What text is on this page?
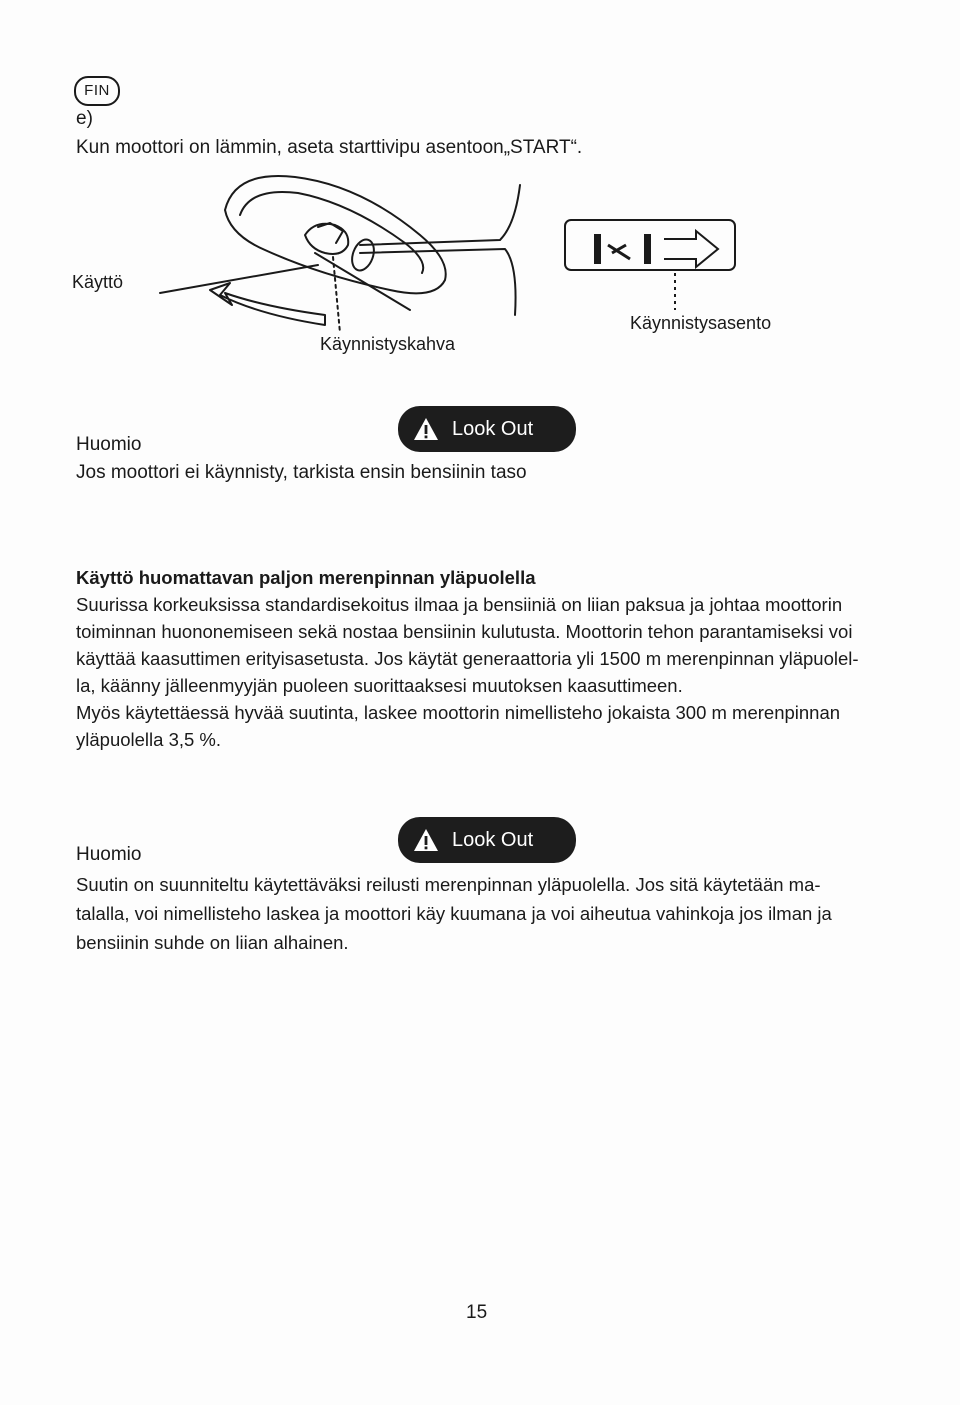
FIN
e)
Kun moottori on lämmin, aseta starttivipu asentoon„START“.
Käyttö
Käynnistyskahva
Käynnistysasento
Look Out
Huomio
Jos moottori ei käynnisty, tarkista ensin bensiinin taso
Käyttö huomattavan paljon merenpinnan yläpuolella

Suurissa korkeuksissa standardisekoitus ilmaa ja bensiiniä on liian paksua ja johtaa moottorin

toiminnan huononemiseen sekä nostaa bensiinin kulutusta. Moottorin tehon parantamiseksi voi

käyttää kaasuttimen erityisasetusta. Jos käytät generaattoria yli 1500 m merenpinnan yläpuolel-

la, käänny jälleenmyyjän puoleen suorittaaksesi muutoksen kaasuttimeen.

Myös käytettäessä hyvää suutinta, laskee moottorin nimellisteho jokaista 300 m merenpinnan

yläpuolella 3,5 %.

Look Out
Huomio
Suutin on suunniteltu käytettäväksi reilusti merenpinnan yläpuolella. Jos sitä käytetään ma-
talalla, voi nimellisteho laskea ja moottori käy kuumana ja voi aiheutua vahinkoja jos ilman ja
bensiinin suhde on liian alhainen.
15
